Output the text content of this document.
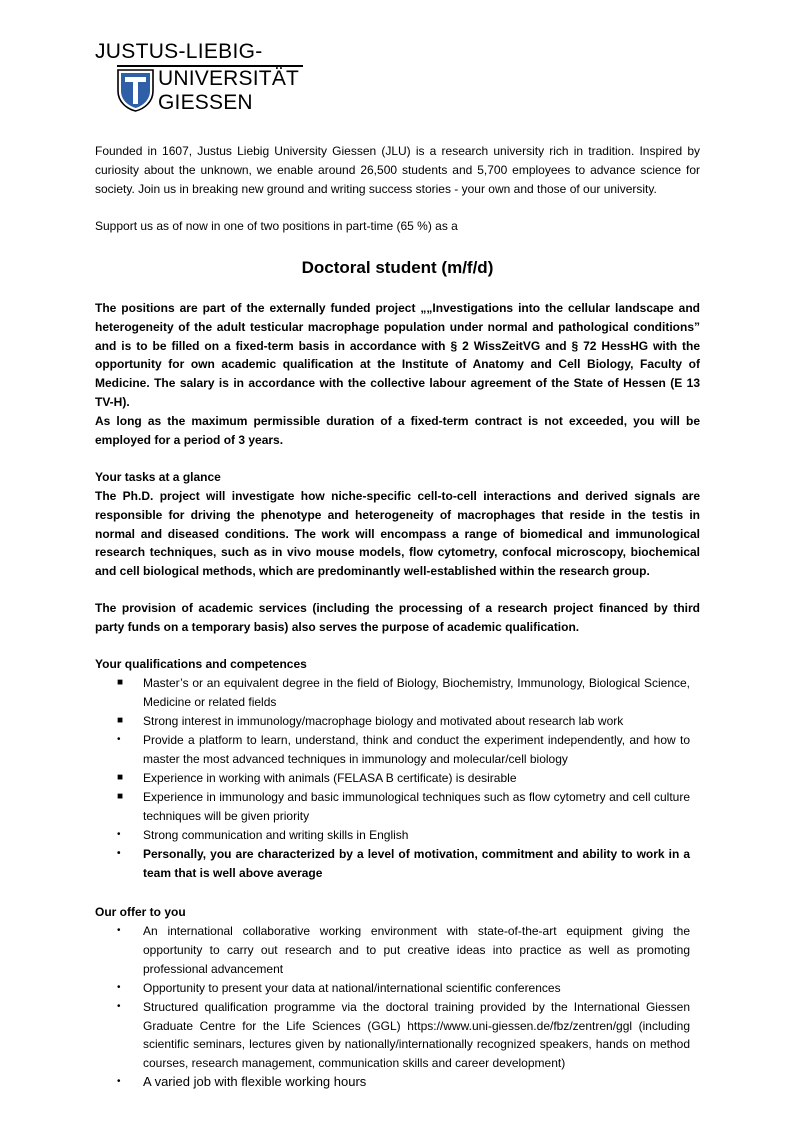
JUSTUS-LIEBIG-
UNIVERSITÄT
GIESSEN
Founded in 1607, Justus Liebig University Giessen (JLU) is a research university rich in tradition. Inspired by curiosity about the unknown, we enable around 26,500 students and 5,700 employees to advance science for society. Join us in breaking new ground and writing success stories - your own and those of our university.
Support us as of now in one of two positions in part-time (65 %) as a
Doctoral student (m/f/d)
The positions are part of the externally funded project „„Investigations into the cellular landscape and heterogeneity of the adult testicular macrophage population under normal and pathological conditions” and is to be filled on a fixed-term basis in accordance with § 2 WissZeitVG and § 72 HessHG with the opportunity for own academic qualification at the Institute of Anatomy and Cell Biology, Faculty of Medicine. The salary is in accordance with the collective labour agreement of the State of Hessen (E 13 TV-H).
As long as the maximum permissible duration of a fixed-term contract is not exceeded, you will be employed for a period of 3 years.
Your tasks at a glance
The Ph.D. project will investigate how niche-specific cell-to-cell interactions and derived signals are responsible for driving the phenotype and heterogeneity of macrophages that reside in the testis in normal and diseased conditions. The work will encompass a range of biomedical and immunological research techniques, such as in vivo mouse models, flow cytometry, confocal microscopy, biochemical and cell biological methods, which are predominantly well-established within the research group.
The provision of academic services (including the processing of a research project financed by third party funds on a temporary basis) also serves the purpose of academic qualification.
Your qualifications and competences
■ Master’s or an equivalent degree in the field of Biology, Biochemistry, Immunology, Biological Science, Medicine or related fields
■ Strong interest in immunology/macrophage biology and motivated about research lab work
• Provide a platform to learn, understand, think and conduct the experiment independently, and how to master the most advanced techniques in immunology and molecular/cell biology
■ Experience in working with animals (FELASA B certificate) is desirable
■ Experience in immunology and basic immunological techniques such as flow cytometry and cell culture techniques will be given priority
• Strong communication and writing skills in English
• Personally, you are characterized by a level of motivation, commitment and ability to work in a team that is well above average
Our offer to you
• An international collaborative working environment with state-of-the-art equipment giving the opportunity to carry out research and to put creative ideas into practice as well as promoting professional advancement
• Opportunity to present your data at national/international scientific conferences
• Structured qualification programme via the doctoral training provided by the International Giessen Graduate Centre for the Life Sciences (GGL) https://www.uni-giessen.de/fbz/zentren/ggl (including scientific seminars, lectures given by nationally/internationally recognized speakers, hands on method courses, research management, communication skills and career development)
• A varied job with flexible working hours
